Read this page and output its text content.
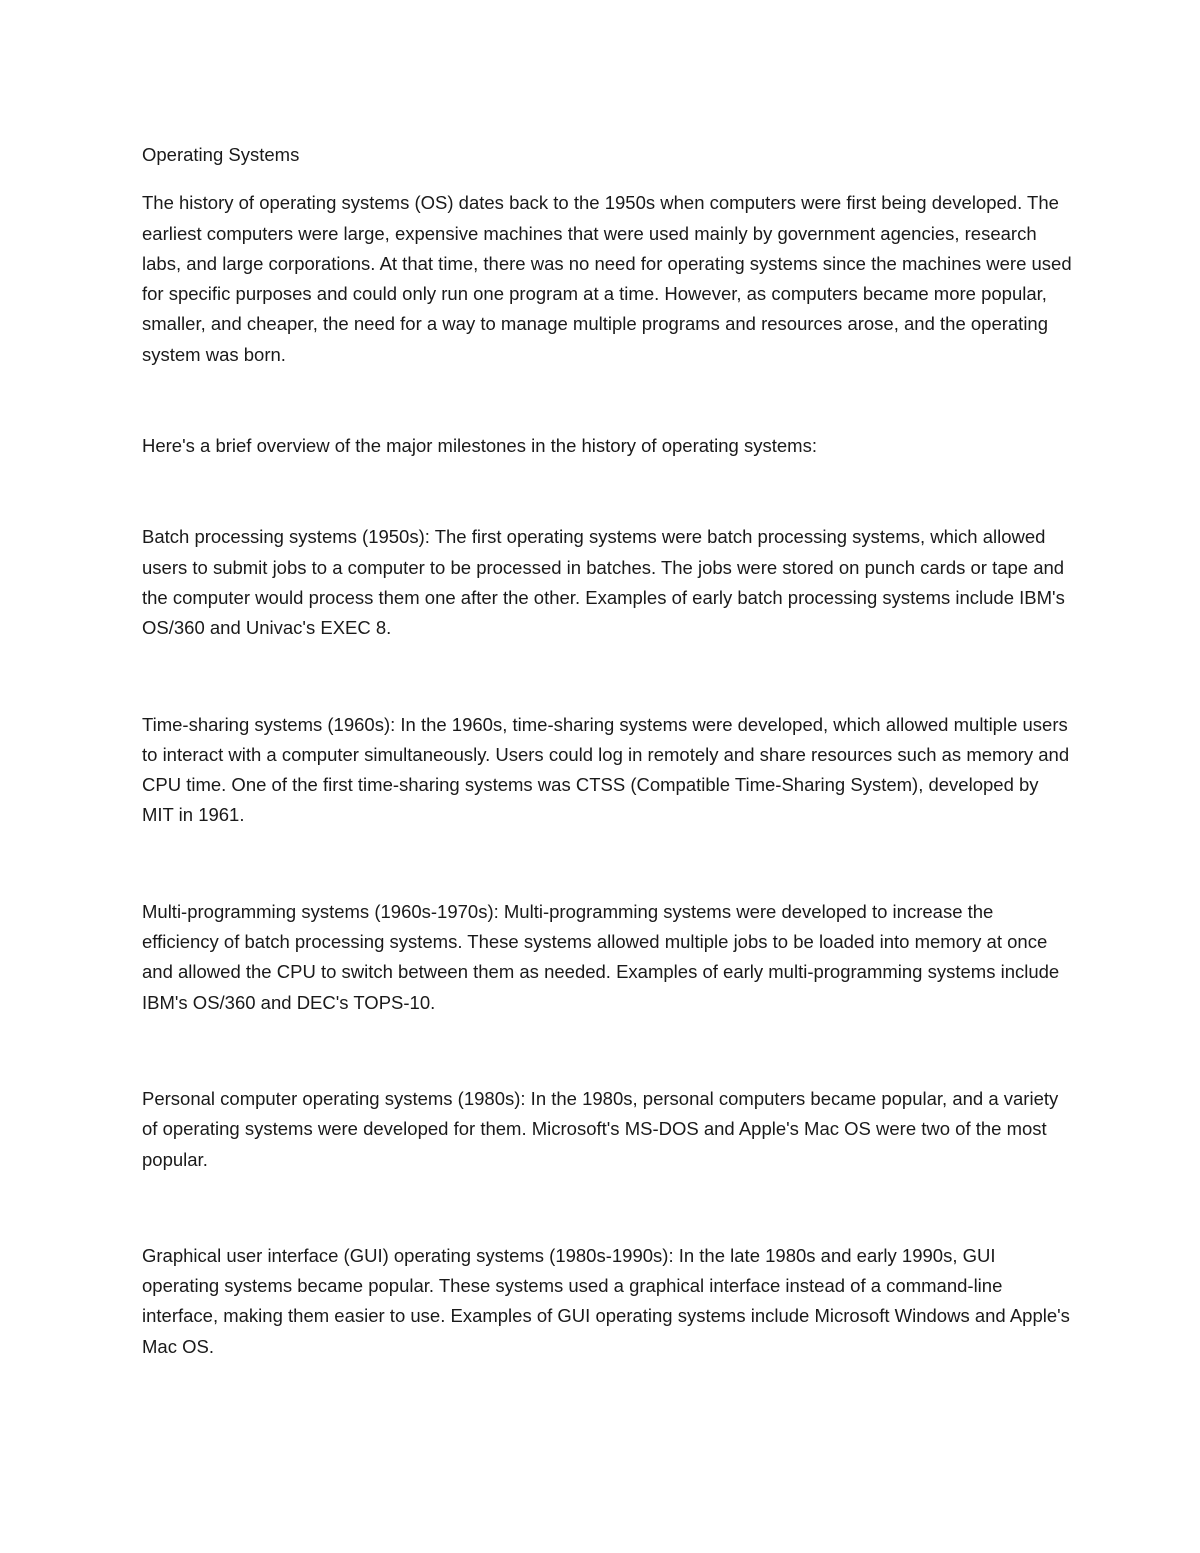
Operating Systems

The history of operating systems (OS) dates back to the 1950s when computers were first being developed. The earliest computers were large, expensive machines that were used mainly by government agencies, research labs, and large corporations. At that time, there was no need for operating systems since the machines were used for specific purposes and could only run one program at a time. However, as computers became more popular, smaller, and cheaper, the need for a way to manage multiple programs and resources arose, and the operating system was born.

Here's a brief overview of the major milestones in the history of operating systems:

Batch processing systems (1950s): The first operating systems were batch processing systems, which allowed users to submit jobs to a computer to be processed in batches. The jobs were stored on punch cards or tape and the computer would process them one after the other. Examples of early batch processing systems include IBM's OS/360 and Univac's EXEC 8.

Time-sharing systems (1960s): In the 1960s, time-sharing systems were developed, which allowed multiple users to interact with a computer simultaneously. Users could log in remotely and share resources such as memory and CPU time. One of the first time-sharing systems was CTSS (Compatible Time-Sharing System), developed by MIT in 1961.

Multi-programming systems (1960s-1970s): Multi-programming systems were developed to increase the efficiency of batch processing systems. These systems allowed multiple jobs to be loaded into memory at once and allowed the CPU to switch between them as needed. Examples of early multi-programming systems include IBM's OS/360 and DEC's TOPS-10.

Personal computer operating systems (1980s): In the 1980s, personal computers became popular, and a variety of operating systems were developed for them. Microsoft's MS-DOS and Apple's Mac OS were two of the most popular.

Graphical user interface (GUI) operating systems (1980s-1990s): In the late 1980s and early 1990s, GUI operating systems became popular. These systems used a graphical interface instead of a command-line interface, making them easier to use. Examples of GUI operating systems include Microsoft Windows and Apple's Mac OS.
